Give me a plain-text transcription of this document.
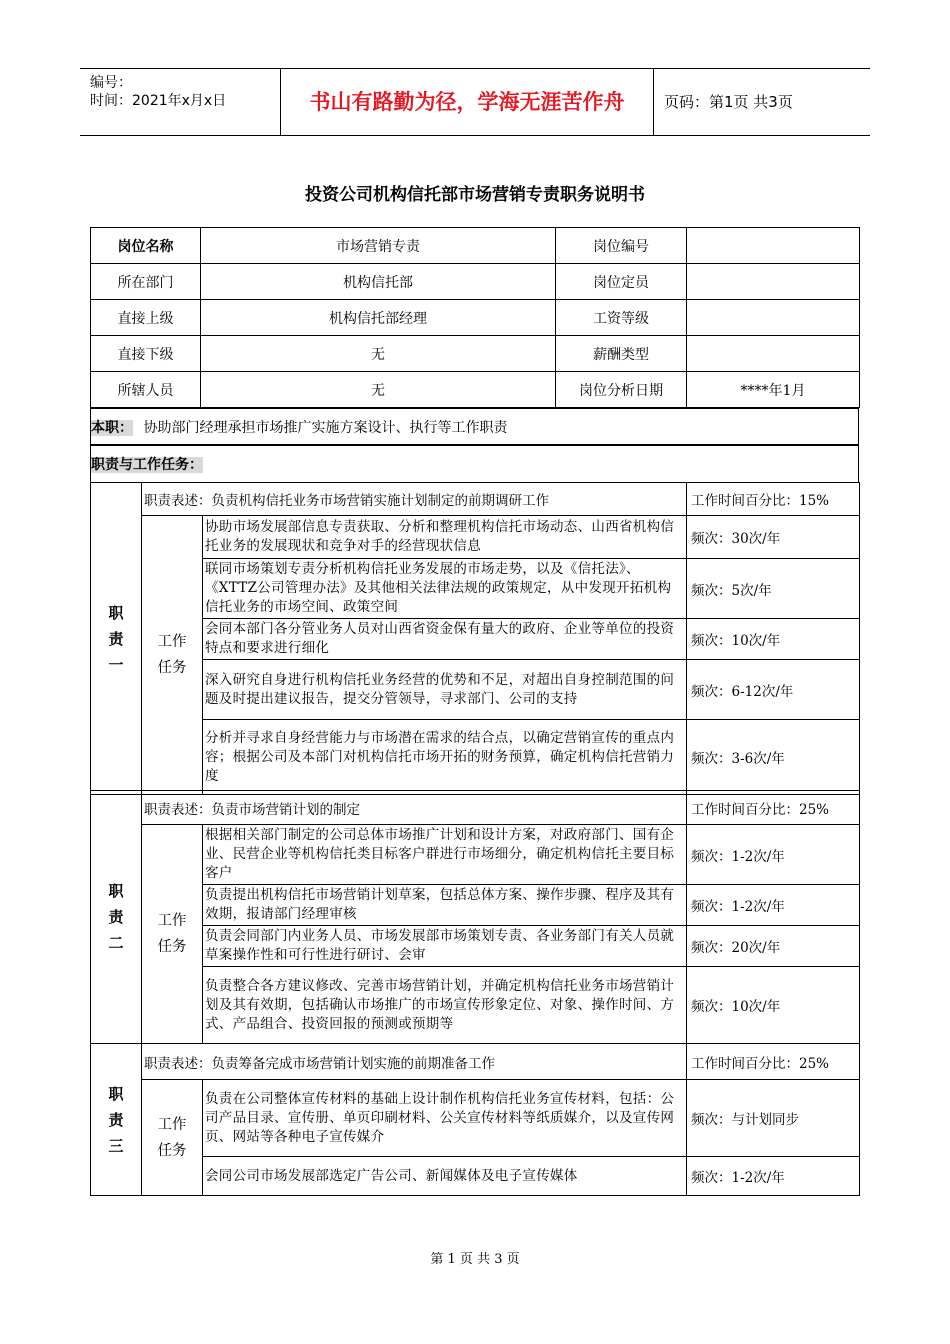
编号：
时间：2021年x月x日	书山有路勤为径，学海无涯苦作舟	页码：第1页 共3页
投资公司机构信托部市场营销专责职务说明书
岗位名称	市场营销专责	岗位编号	
所在部门	机构信托部	岗位定员	
直接上级	机构信托部经理	工资等级	
直接下级	无	薪酬类型	
所辖人员	无	岗位分析日期	****年1月
本职： 协助部门经理承担市场推广实施方案设计、执行等工作职责
职责与工作任务：
职责一	职责表述：负责机构信托业务市场营销实施计划制定的前期调研工作		工作时间百分比：15%

	工作任务	协助市场发展部信息专责获取、分析和整理机构信托市场动态、山西省机构信托业务的发展现状和竞争对手的经营现状信息	频次：30次/年
		联同市场策划专责分析机构信托业务发展的市场走势，以及《信托法》、《XTTZ公司管理办法》及其他相关法律法规的政策规定，从中发现开拓机构信托业务的市场空间、政策空间	频次：5次/年
		会同本部门各分管业务人员对山西省资金保有量大的政府、企业等单位的投资特点和要求进行细化	频次：10次/年
		深入研究自身进行机构信托业务经营的优势和不足，对超出自身控制范围的问题及时提出建议报告，提交分管领导，寻求部门、公司的支持	频次：6-12次/年
		分析并寻求自身经营能力与市场潜在需求的结合点，以确定营销宣传的重点内容；根据公司及本部门对机构信托市场开拓的财务预算，确定机构信托营销力度	频次：3-6次/年
职责二	职责表述：负责市场营销计划的制定		工作时间百分比：25%

	工作任务	根据相关部门制定的公司总体市场推广计划和设计方案，对政府部门、国有企业、民营企业等机构信托类目标客户群进行市场细分，确定机构信托主要目标客户	频次：1-2次/年
		负责提出机构信托市场营销计划草案，包括总体方案、操作步骤、程序及其有效期，报请部门经理审核	频次：1-2次/年
		负责会同部门内业务人员、市场发展部市场策划专责、各业务部门有关人员就草案操作性和可行性进行研讨、会审	频次：20次/年
		负责整合各方建议修改、完善市场营销计划，并确定机构信托业务市场营销计划及其有效期，包括确认市场推广的市场宣传形象定位、对象、操作时间、方式、产品组合、投资回报的预测或预期等	频次：10次/年
职责三	职责表述：负责筹备完成市场营销计划实施的前期准备工作		工作时间百分比：25%

	工作任务	负责在公司整体宣传材料的基础上设计制作机构信托业务宣传材料，包括：公司产品目录、宣传册、单页印刷材料、公关宣传材料等纸质媒介，以及宣传网页、网站等各种电子宣传媒介	频次：与计划同步
		会同公司市场发展部选定广告公司、新闻媒体及电子宣传媒体	频次：1-2次/年
第 1 页 共 3 页
